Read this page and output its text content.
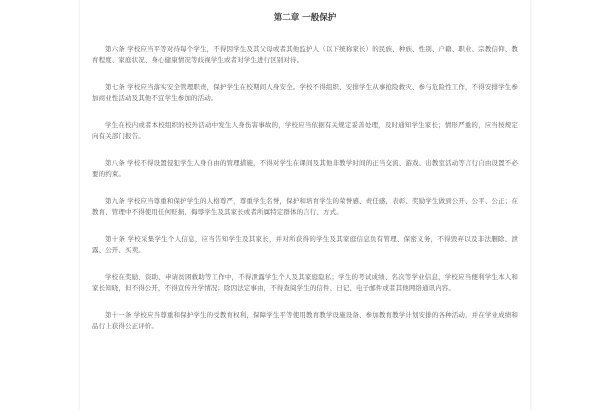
第二章 一般保护

第六条 学校应当平等对待每个学生，不得因学生及其父母或者其他监护人（以下统称家长）的民族、种族、性别、户籍、职业、宗教信仰、教育程度、家庭状况、身心健康情况等歧视学生或者对学生进行区别对待。

第七条 学校应当落实安全管理职责，保护学生在校期间人身安全。学校不得组织、安排学生从事抢险救灾、参与危险性工作，不得安排学生参加商业性活动及其他不宜学生参加的活动。

学生在校内或者本校组织的校外活动中发生人身伤害事故的，学校应当依据有关规定妥善处理，及时通知学生家长；情形严重的，应当按规定向有关部门报告。

第八条 学校不得设置侵犯学生人身自由的管理措施，不得对学生在课间及其他非教学时间的正当交流、游戏、出教室活动等言行自由设置不必要的约束。

第九条 学校应当尊重和保护学生的人格尊严，尊重学生名誉，保护和培育学生的荣誉感、责任感，表彰、奖励学生做到公开、公平、公正；在教育、管理中不得使用任何贬损、侮辱学生及其家长或者所属特定群体的言行、方式。

第十条 学校采集学生个人信息，应当告知学生及其家长，并对所获得的学生及其家庭信息负有管理、保密义务，不得毁弃以及非法删除、泄露、公开、买卖。

学校在奖励、资助、申请贫困救助等工作中，不得泄露学生个人及其家庭隐私；学生的考试成绩、名次等学业信息，学校应当便利学生本人和家长知晓，但不得公开，不得宣传升学情况；除因法定事由，不得查阅学生的信件、日记、电子邮件或者其他网络通讯内容。

第十一条 学校应当尊重和保护学生的受教育权利，保障学生平等使用教育教学设施设备、参加教育教学计划安排的各种活动，并在学业成绩和品行上获得公正评价。
